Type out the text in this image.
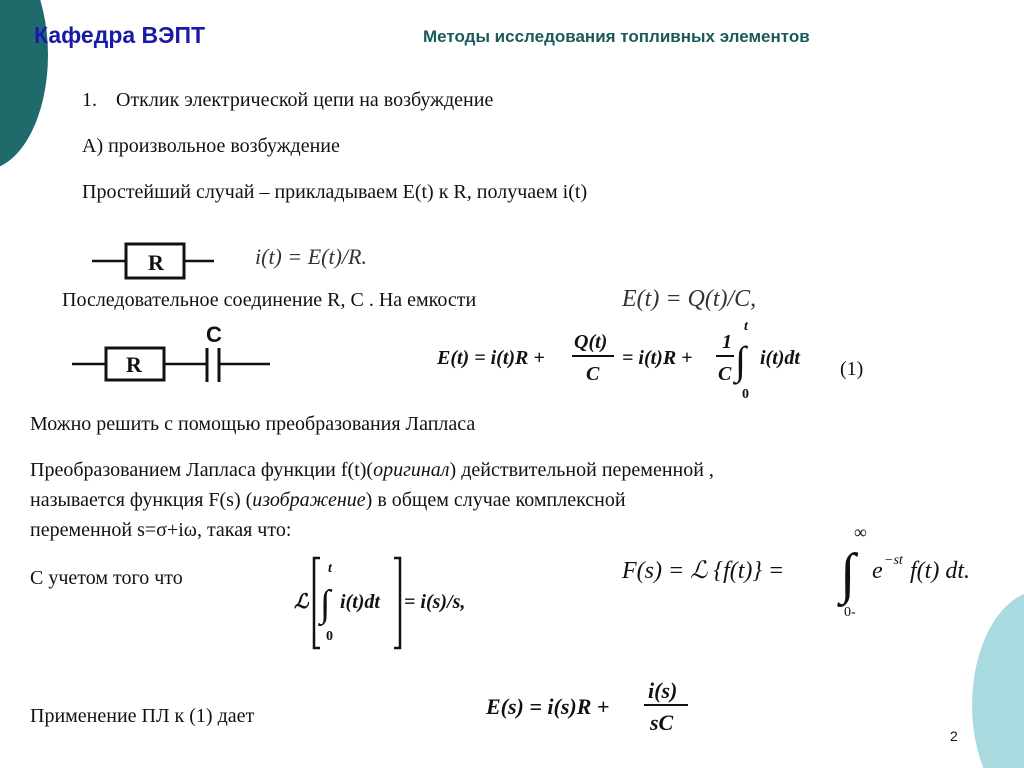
Кафедра ВЭПТ	Методы исследования топливных элементов
1. Отклик электрической цепи на возбуждение
А) произвольное возбуждение
Простейший случай – прикладываем E(t) к R, получаем i(t)
R	i(t) = E(t)/R.
Последовательное соединение R, C . На емкости	E(t) = Q(t)/C,
R
C
E(t) = i(t)R +
Q(t)
C
= i(t)R +
1
C ∫
t
0
i(t)dt (1)
Можно решить с помощью преобразования Лапласа
Преобразованием Лапласа функции f(t)(оригинал) действительной переменной ,
называется функция F(s) (изображение) в общем случае комплексной
переменной s=σ+iω, такая что:
F(s) = ℒ {f(t)} = ∫
∞
0-
e −st f(t) dt.
С учетом того что
ℒ ∫
t
0
i(t)dt = i(s)/s,
Применение ПЛ к (1) дает	E(s) = i(s)R +
i(s)
sC
2
